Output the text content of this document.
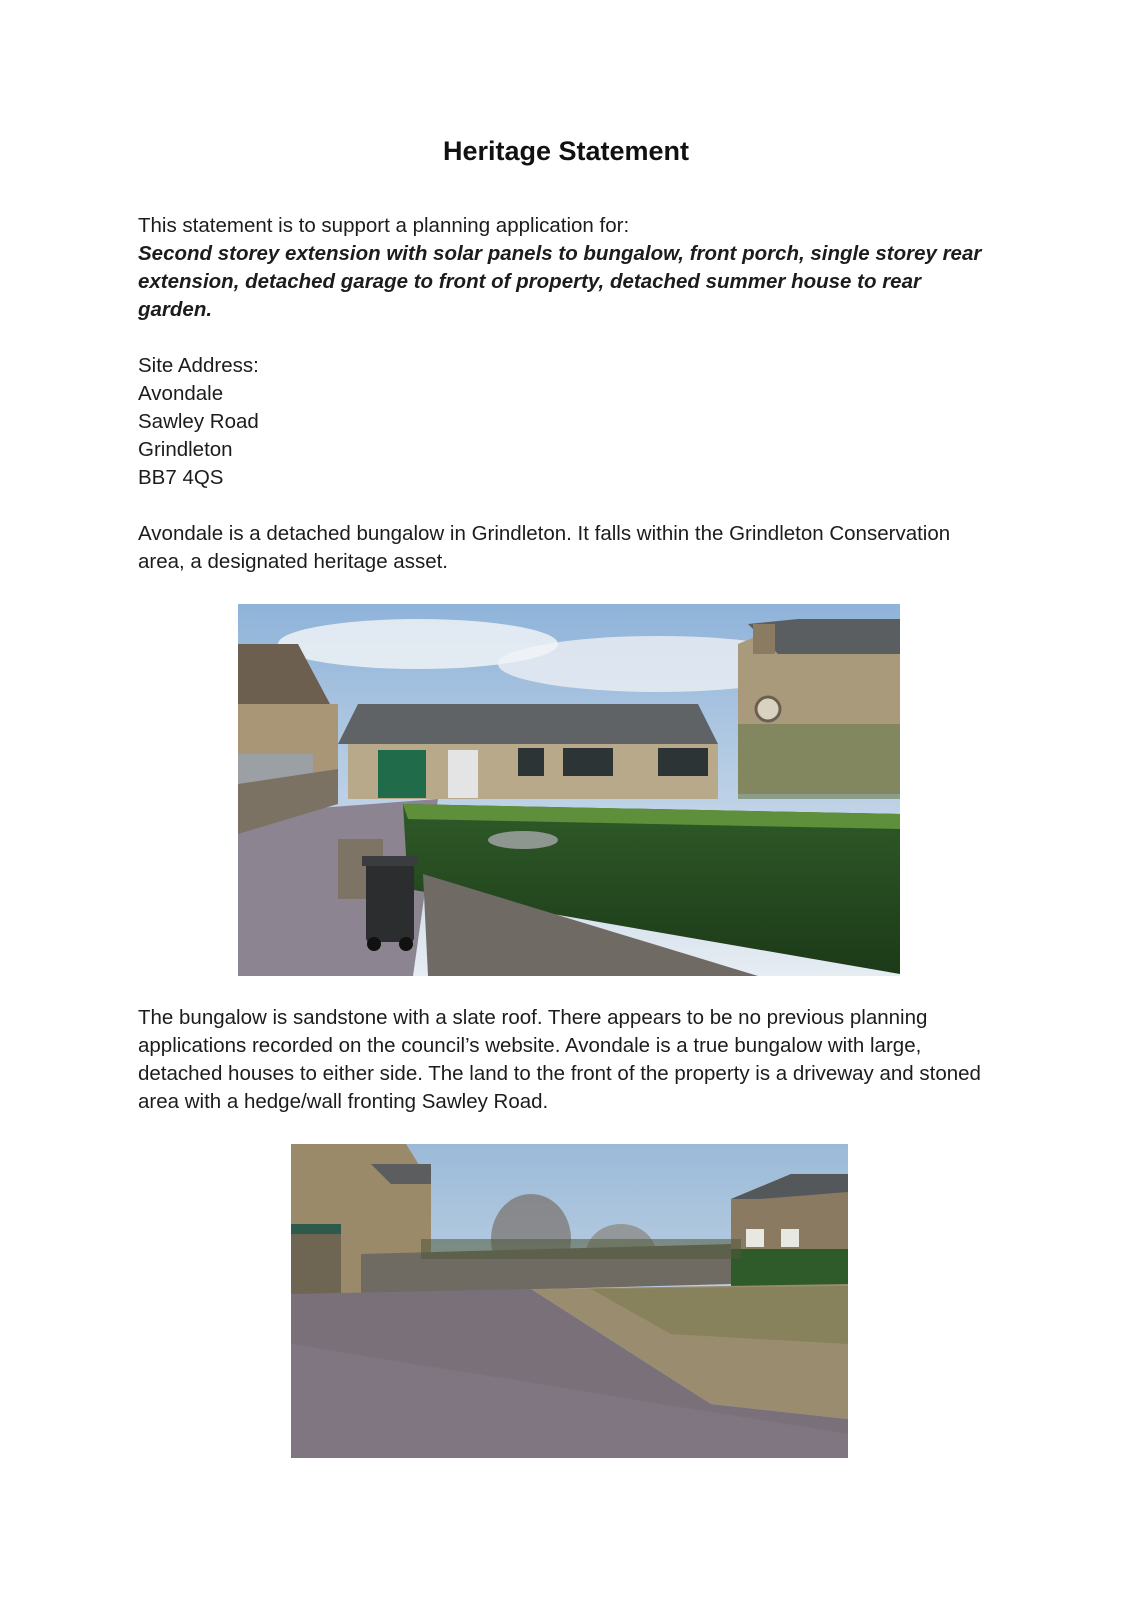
Heritage Statement

This statement is to support a planning application for:
Second storey extension with solar panels to bungalow, front porch, single storey rear extension, detached garage to front of property, detached summer house to rear garden.

Site Address:
Avondale
Sawley Road
Grindleton
BB7 4QS

Avondale is a detached bungalow in Grindleton. It falls within the Grindleton Conservation area, a designated heritage asset.

The bungalow is sandstone with a slate roof. There appears to be no previous planning applications recorded on the council’s website. Avondale is a true bungalow with large, detached houses to either side. The land to the front of the property is a driveway and stoned area with a hedge/wall fronting Sawley Road.
